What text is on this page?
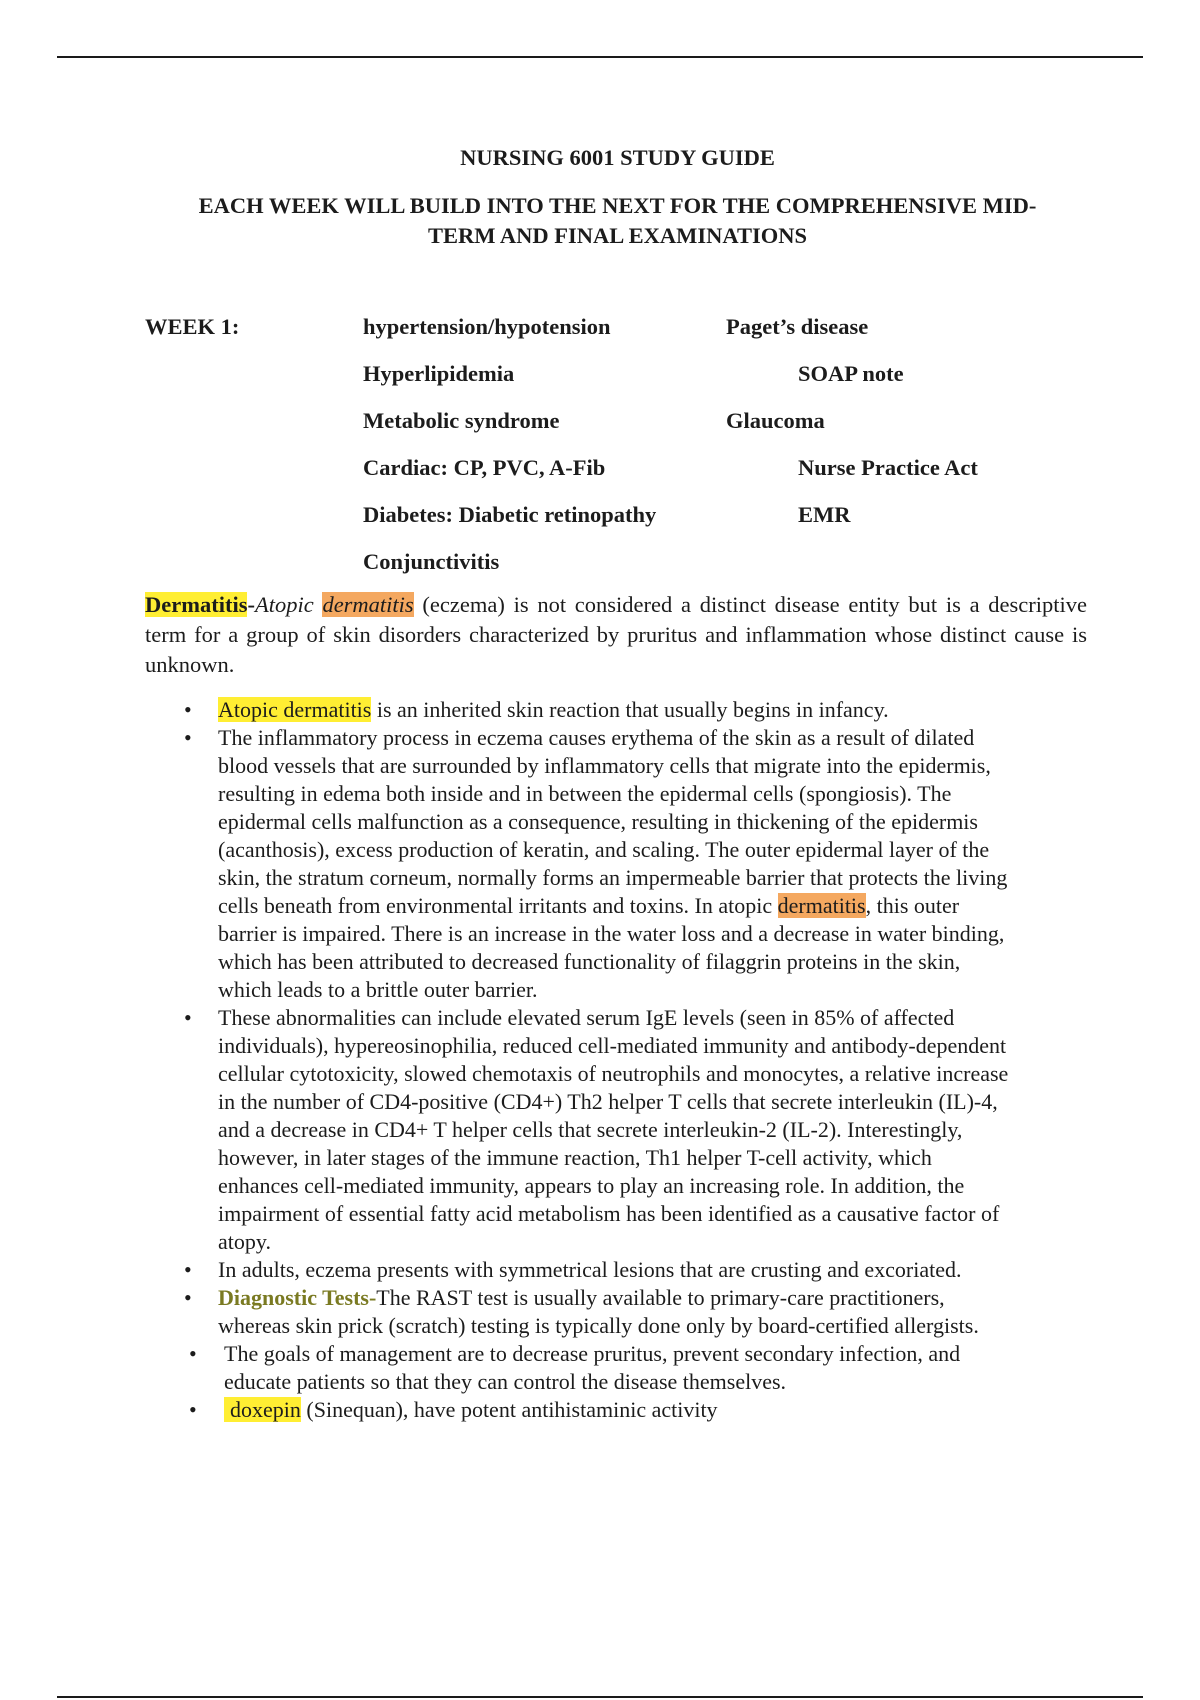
NURSING 6001 STUDY GUIDE
EACH WEEK WILL BUILD INTO THE NEXT FOR THE COMPREHENSIVE MID-
TERM AND FINAL EXAMINATIONS
WEEK 1:	hypertension/hypotension
Hyperlipidemia
Metabolic syndrome
Cardiac: CP, PVC, A-Fib
Diabetes: Diabetic retinopathy
Conjunctivitis
Paget’s disease
SOAP note
Glaucoma
Nurse Practice Act
EMR
Dermatitis-Atopic dermatitis (eczema) is not considered a distinct disease entity but is a descriptive term for a group of skin disorders characterized by pruritus and inflammation whose distinct cause is unknown.
• Atopic dermatitis is an inherited skin reaction that usually begins in infancy.
• The inflammatory process in eczema causes erythema of the skin as a result of dilated
blood vessels that are surrounded by inflammatory cells that migrate into the epidermis,
resulting in edema both inside and in between the epidermal cells (spongiosis). The
epidermal cells malfunction as a consequence, resulting in thickening of the epidermis
(acanthosis), excess production of keratin, and scaling. The outer epidermal layer of the
skin, the stratum corneum, normally forms an impermeable barrier that protects the living
cells beneath from environmental irritants and toxins. In atopic dermatitis, this outer
barrier is impaired. There is an increase in the water loss and a decrease in water binding,
which has been attributed to decreased functionality of filaggrin proteins in the skin,
which leads to a brittle outer barrier.
• These abnormalities can include elevated serum IgE levels (seen in 85% of affected
individuals), hypereosinophilia, reduced cell-mediated immunity and antibody-dependent
cellular cytotoxicity, slowed chemotaxis of neutrophils and monocytes, a relative increase
in the number of CD4-positive (CD4+) Th2 helper T cells that secrete interleukin (IL)-4,
and a decrease in CD4+ T helper cells that secrete interleukin-2 (IL-2). Interestingly,
however, in later stages of the immune reaction, Th1 helper T-cell activity, which
enhances cell-mediated immunity, appears to play an increasing role. In addition, the
impairment of essential fatty acid metabolism has been identified as a causative factor of
atopy.
• In adults, eczema presents with symmetrical lesions that are crusting and excoriated.
• Diagnostic Tests-The RAST test is usually available to primary-care practitioners,
whereas skin prick (scratch) testing is typically done only by board-certified allergists.
• The goals of management are to decrease pruritus, prevent secondary infection, and
educate patients so that they can control the disease themselves.
• doxepin (Sinequan), have potent antihistaminic activity
